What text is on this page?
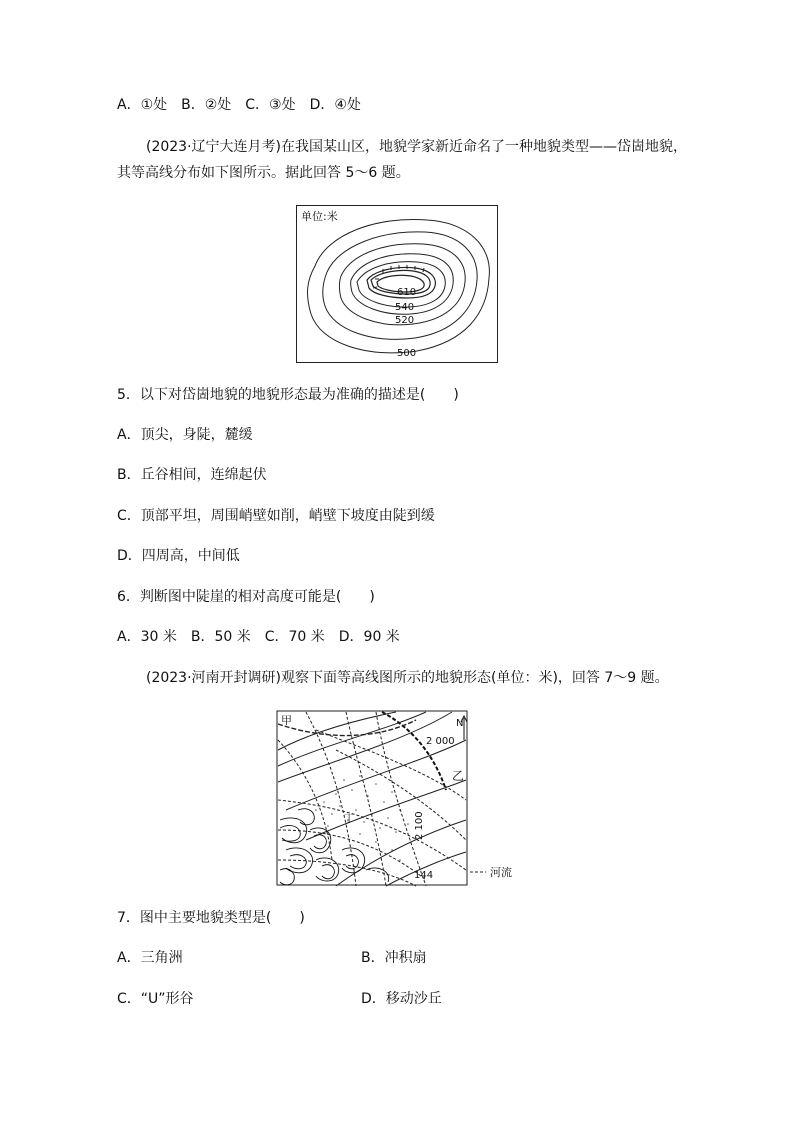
A．①处　B．②处　C．③处　D．④处
(2023·辽宁大连月考)在我国某山区，地貌学家新近命名了一种地貌类型——岱崮地貌，
其等高线分布如下图所示。据此回答 5～6 题。
单位:米
610
540
520
500
5．以下对岱崮地貌的地貌形态最为准确的描述是(　　)
A．顶尖，身陡，麓缓
B．丘谷相间，连绵起伏
C．顶部平坦，周围峭壁如削，峭壁下坡度由陡到缓
D．四周高，中间低
6．判断图中陡崖的相对高度可能是(　　)
A．30 米　B．50 米　C．70 米　D．90 米
(2023·河南开封调研)观察下面等高线图所示的地貌形态(单位：米)，回答 7～9 题。
甲
2 000
N
乙
丁
144	河流
2 100
7．图中主要地貌类型是(　　)
A．三角洲	B．冲积扇
C．“U”形谷	D．移动沙丘
